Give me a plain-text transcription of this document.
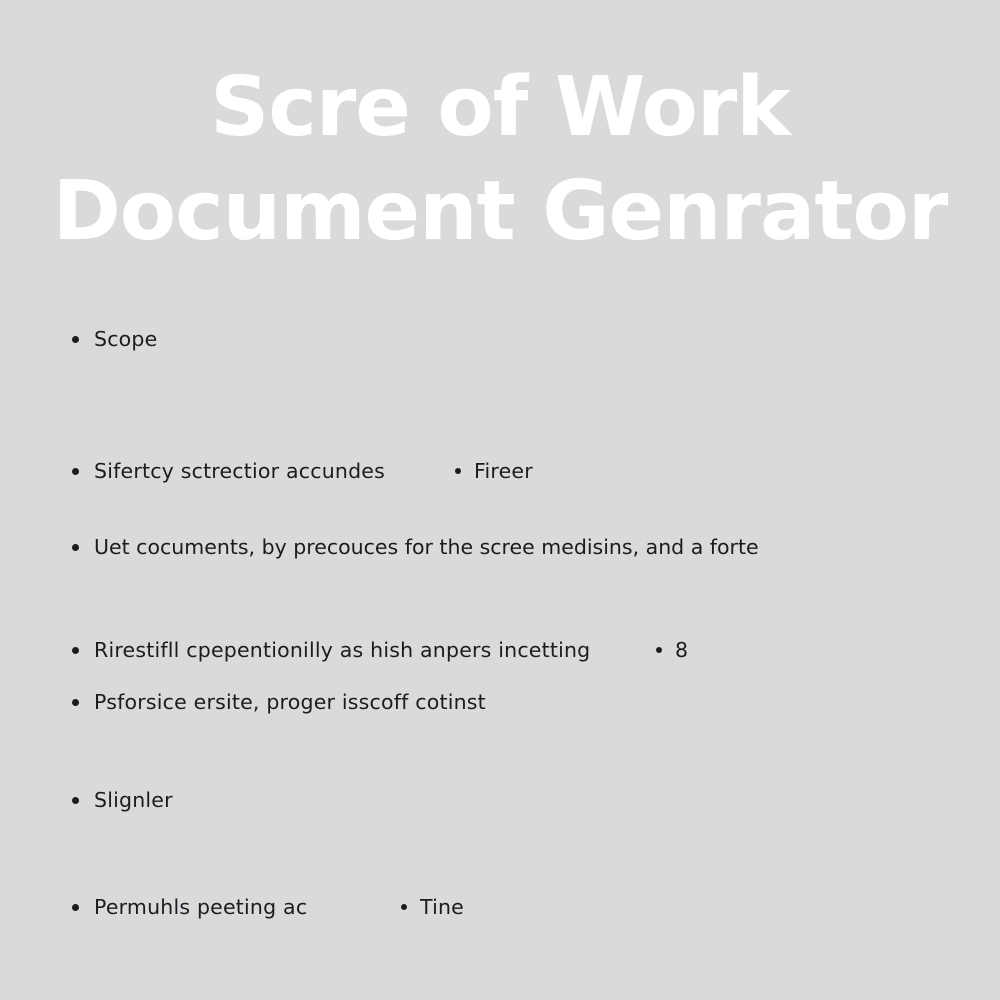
Scre of Work
Document Genrator
Scope
Sifertcy sctrectior accundes	Fireer
Uet cocuments, by precouces for the scree medisins, and a forte
Rirestifll cpepentionilly as hish anpers incetting	8
Psforsice ersite, proger isscoff cotinst
Slignler
Permuhls peeting ac	Tine
